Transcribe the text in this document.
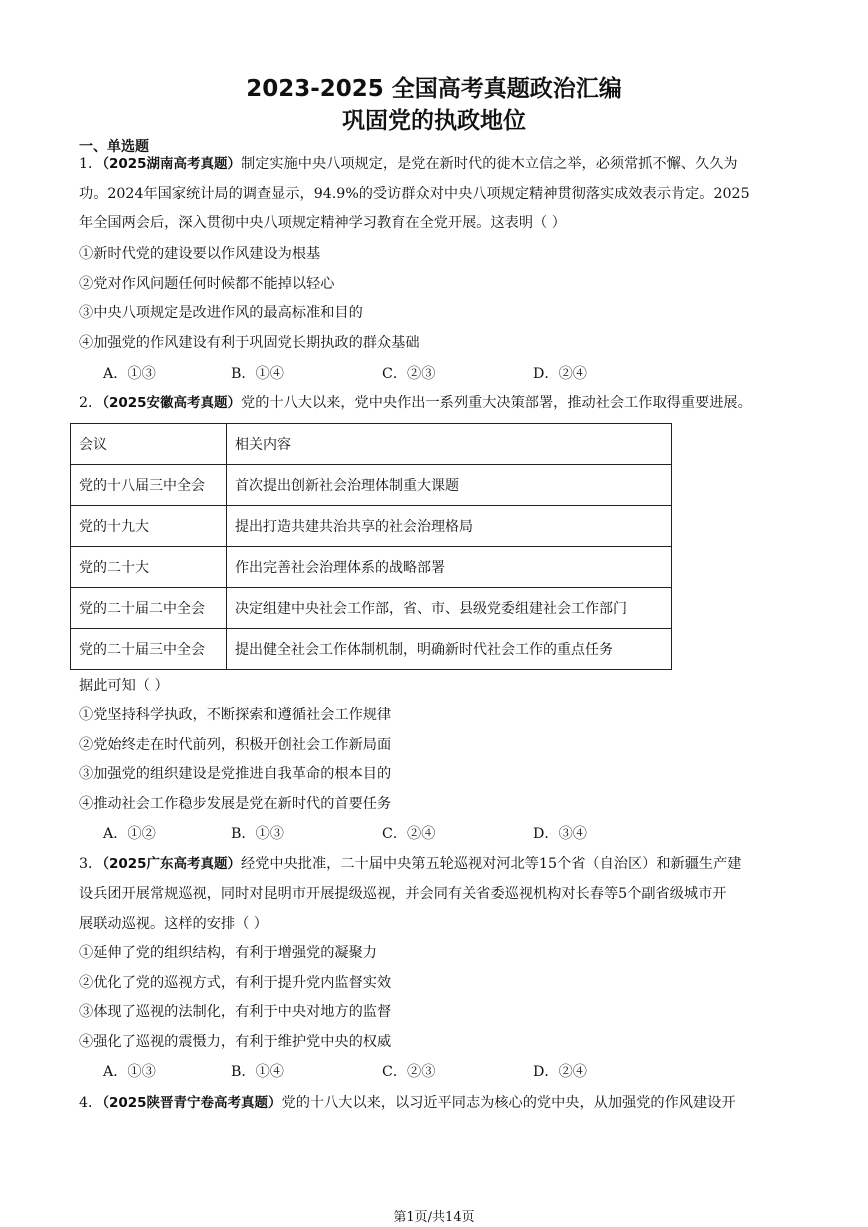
2023-2025 全国高考真题政治汇编
巩固党的执政地位
一、单选题
1．（2025湖南高考真题）制定实施中央八项规定，是党在新时代的徙木立信之举，必须常抓不懈、久久为
功。2024年国家统计局的调查显示，94.9%的受访群众对中央八项规定精神贯彻落实成效表示肯定。2025
年全国两会后，深入贯彻中央八项规定精神学习教育在全党开展。这表明（ ）
①新时代党的建设要以作风建设为根基
②党对作风问题任何时候都不能掉以轻心
③中央八项规定是改进作风的最高标准和目的
④加强党的作风建设有利于巩固党长期执政的群众基础
A．①③	B．①④	C．②③	D．②④
2．（2025安徽高考真题）党的十八大以来，党中央作出一系列重大决策部署，推动社会工作取得重要进展。
会议	相关内容
党的十八届三中全会	首次提出创新社会治理体制重大课题
党的十九大	提出打造共建共治共享的社会治理格局
党的二十大	作出完善社会治理体系的战略部署
党的二十届二中全会	决定组建中央社会工作部，省、市、县级党委组建社会工作部门
党的二十届三中全会	提出健全社会工作体制机制，明确新时代社会工作的重点任务
据此可知（ ）
①党坚持科学执政，不断探索和遵循社会工作规律
②党始终走在时代前列，积极开创社会工作新局面
③加强党的组织建设是党推进自我革命的根本目的
④推动社会工作稳步发展是党在新时代的首要任务
A．①②	B．①③	C．②④	D．③④
3．（2025广东高考真题）经党中央批准，二十届中央第五轮巡视对河北等15个省（自治区）和新疆生产建
设兵团开展常规巡视，同时对昆明市开展提级巡视，并会同有关省委巡视机构对长春等5个副省级城市开
展联动巡视。这样的安排（ ）
①延伸了党的组织结构，有利于增强党的凝聚力
②优化了党的巡视方式，有利于提升党内监督实效
③体现了巡视的法制化，有利于中央对地方的监督
④强化了巡视的震慑力，有利于维护党中央的权威
A．①③	B．①④	C．②③	D．②④
4．（2025陕晋青宁卷高考真题）党的十八大以来，以习近平同志为核心的党中央，从加强党的作风建设开
第1页/共14页
